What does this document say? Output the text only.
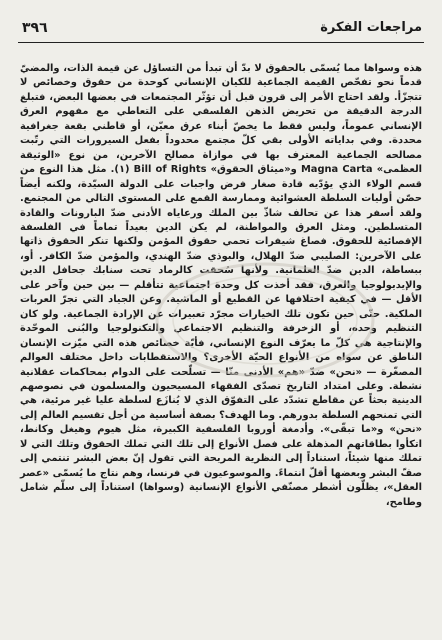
٣٩٦	مراجعات الفكرة

هذه وسواها مما يُسمّى بالحقوق لا بدّ أن تبدأ من التساؤل عن قيمة الذات، والمضيّ قدماً نحو تفحّص القيمة الجماعية للكيان الإنساني كوحدة من حقوق وخصائص لا تتجزّأ. ولقد احتاج الأمر إلى قرون قبل أن تؤثّر المجتمعات في بعضها البعض، فتبلغ الدرجة الدقيقة من تحريض الذهن الفلسفي على التعاطي مع مفهوم العرق الإنساني عموماً، وليس فقط ما يخصّ أبناء عرق معيّن، أو قاطني بقعة جغرافية محددة. وفي بداياته الأولى بقي كلّ مجتمع محدوداً بفعل السيرورات التي رتّبت مصالحه الجماعية المعترف بها في موازاة مصالح الآخرين، من نوع «الوثيقة العظمى» Magna Carta و«ميثاق الحقوق» Bill of Rights (١). مثل هذا النوع من قسم الولاء الذي يؤدّيه قادة صغار فرض واجبات على الدولة السيّدة، ولكنه أيضاً حصّن أوليات السلطة العشوائية وممارسة القمع على المستوى التالي من المجتمع. ولقد أسفر هذا عن تحالف شاذّ بين الملك ورعاياه الأدنى ضدّ البارونات والقادة المتسلطين. ومثل العرق والمواطنة، لم يكن الدين بعيداً تماماً في الفلسفة الإقصائية للحقوق. فصاغ شيفرات تحمي حقوق المؤمن ولكنها تنكر الحقوق ذاتها على الآخرين: الصليبي ضدّ الهلال، والبوذي ضدّ الهندي، والمؤمن ضدّ الكافر. أو، ببساطة، الدين ضدّ العلمانية. ولأنها سُحقت كالرماد تحت سنابك جحافل الدين والإيديولوجيا والعرق، فقد أخذت كل وحدة اجتماعية تتأقلم — بين حين وآخر على الأقل — في كيفية اختلافها عن القطيع أو الماشية. وعن الجياد التي تجرّ العربات الملكية. حتّى حين تكون تلك الخيارات مجرّد تعبيرات عن الإرادة الجماعية. ولو كان التنظيم وحده، أو الزخرفة والتنظيم الاجتماعي والتكنولوجيا والبُنى الموحّدة والإنتاجية هي كلّ ما يعرّف النوع الإنساني، فأيّة خصائص هذه التي ميّزت الإنسان الناطق عن سواه من الأنواع الحيّة الأخرى؟ والاستقطابات داخل مختلف العوالم المصغّرة — «نحن» ضدّ «هم» الأدنى منّا — تسلّحت على الدوام بمحاكمات عقلانية نشطة. وعلى امتداد التاريخ تصدّى الفقهاء المسيحيون والمسلمون في نصوصهم الدينية بحثاً عن مقاطع تشدّد على التفوّق الذي لا يُنازَع لسلطة عليا غير مرئية، هي التي تمنحهم السلطة بدورهم. وما الهدف؟ بصفة أساسية من أجل تقسيم العالم إلى «نحن» و«ما تبقّى». وأدمغة أوروبا الفلسفية الكبيرة، مثل هيوم وهيغل وكانط، اتكأوا بطاقاتهم المذهلة على فصل الأنواع إلى تلك التي تملك الحقوق وتلك التي لا تملك منها شيئاً، استناداً إلى النظرية المريحة التي تقول إنّ بعض البشر تنتمي إلى صفّ البشر وبعضها أقلّ انتماءً. والموسوعيون في فرنسا، وهم نتاج ما يُسمّى «عصر العقل»، يظلّون أشطر مصنّفي الأنواع الإنسانية (وسواها) استناداً إلى سلّم شامل وطامح،
